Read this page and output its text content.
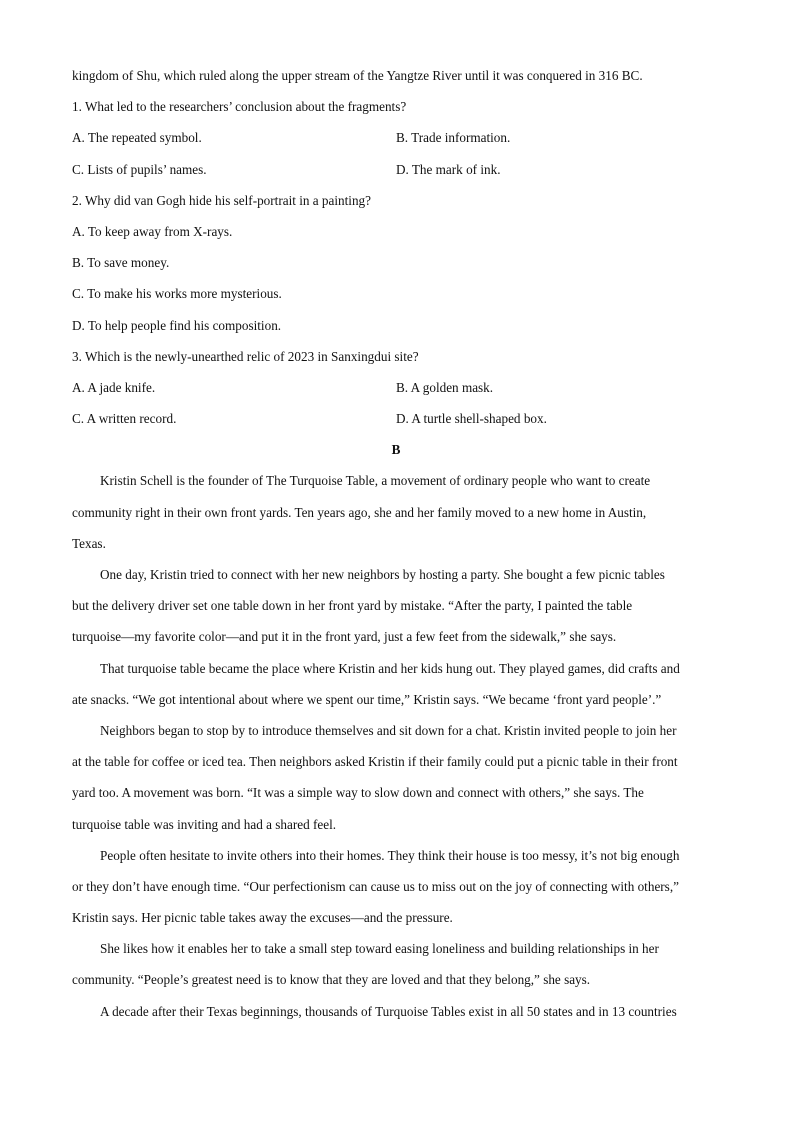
kingdom of Shu, which ruled along the upper stream of the Yangtze River until it was conquered in 316 BC.
1. What led to the researchers’ conclusion about the fragments?
A. The repeated symbol.	B. Trade information.
C. Lists of pupils’ names.	D. The mark of ink.
2. Why did van Gogh hide his self-portrait in a painting?
A. To keep away from X-rays.
B. To save money.
C. To make his works more mysterious.
D. To help people find his composition.
3. Which is the newly-unearthed relic of 2023 in Sanxingdui site?
A. A jade knife.	B. A golden mask.
C. A written record.	D. A turtle shell-shaped box.
B

Kristin Schell is the founder of The Turquoise Table, a movement of ordinary people who want to create

community right in their own front yards. Ten years ago, she and her family moved to a new home in Austin,

Texas.

One day, Kristin tried to connect with her new neighbors by hosting a party. She bought a few picnic tables

but the delivery driver set one table down in her front yard by mistake. “After the party, I painted the table

turquoise—my favorite color—and put it in the front yard, just a few feet from the sidewalk,” she says.

That turquoise table became the place where Kristin and her kids hung out. They played games, did crafts and

ate snacks. “We got intentional about where we spent our time,” Kristin says. “We became ‘front yard people’.”

Neighbors began to stop by to introduce themselves and sit down for a chat. Kristin invited people to join her

at the table for coffee or iced tea. Then neighbors asked Kristin if their family could put a picnic table in their front

yard too. A movement was born. “It was a simple way to slow down and connect with others,” she says. The

turquoise table was inviting and had a shared feel.

People often hesitate to invite others into their homes. They think their house is too messy, it’s not big enough

or they don’t have enough time. “Our perfectionism can cause us to miss out on the joy of connecting with others,”

Kristin says. Her picnic table takes away the excuses—and the pressure.

She likes how it enables her to take a small step toward easing loneliness and building relationships in her

community. “People’s greatest need is to know that they are loved and that they belong,” she says.

A decade after their Texas beginnings, thousands of Turquoise Tables exist in all 50 states and in 13 countries
